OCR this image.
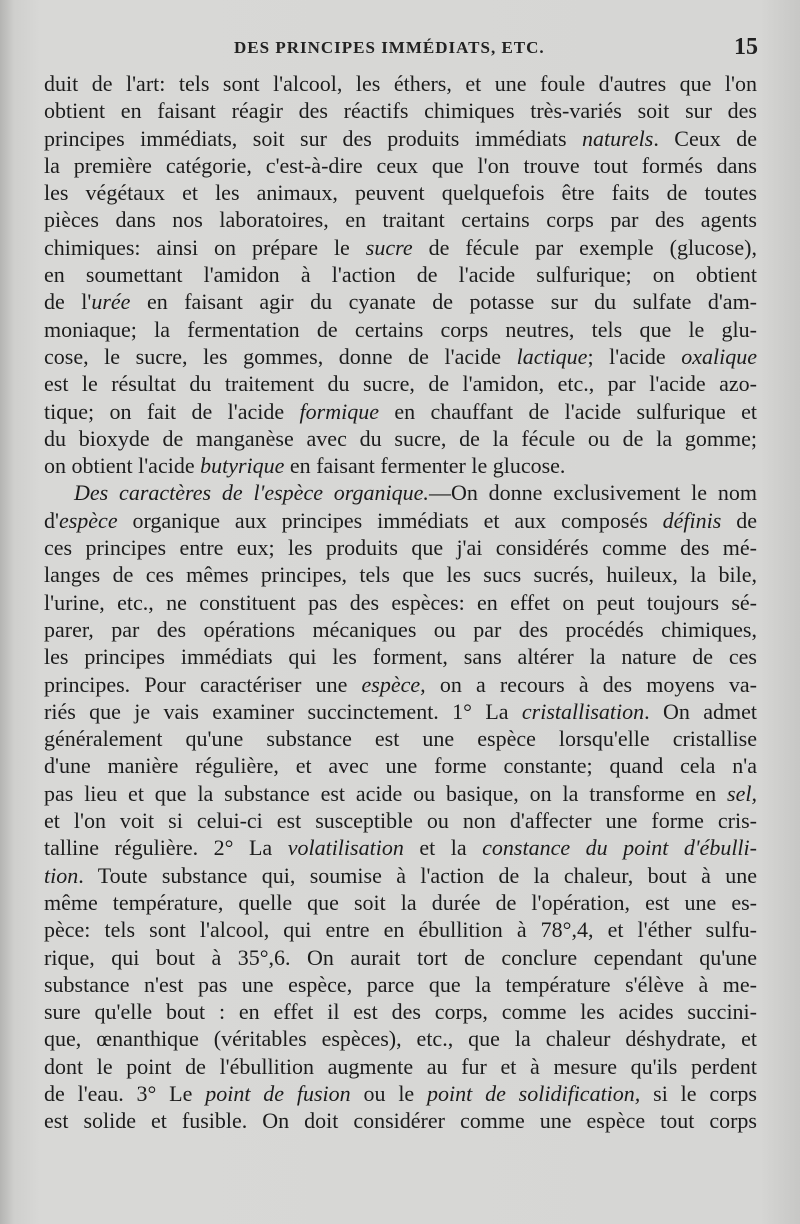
DES PRINCIPES IMMÉDIATS, ETC.	15
duit de l'art: tels sont l'alcool, les éthers, et une foule d'autres que l'on
obtient en faisant réagir des réactifs chimiques très-variés soit sur des
principes immédiats, soit sur des produits immédiats naturels. Ceux de
la première catégorie, c'est-à-dire ceux que l'on trouve tout formés dans
les végétaux et les animaux, peuvent quelquefois être faits de toutes
pièces dans nos laboratoires, en traitant certains corps par des agents
chimiques: ainsi on prépare le sucre de fécule par exemple (glucose),
en soumettant l'amidon à l'action de l'acide sulfurique; on obtient
de l'urée en faisant agir du cyanate de potasse sur du sulfate d'am-
moniaque; la fermentation de certains corps neutres, tels que le glu-
cose, le sucre, les gommes, donne de l'acide lactique; l'acide oxalique
est le résultat du traitement du sucre, de l'amidon, etc., par l'acide azo-
tique; on fait de l'acide formique en chauffant de l'acide sulfurique et
du bioxyde de manganèse avec du sucre, de la fécule ou de la gomme;
on obtient l'acide butyrique en faisant fermenter le glucose.
Des caractères de l'espèce organique.—On donne exclusivement le nom
d'espèce organique aux principes immédiats et aux composés définis de
ces principes entre eux; les produits que j'ai considérés comme des mé-
langes de ces mêmes principes, tels que les sucs sucrés, huileux, la bile,
l'urine, etc., ne constituent pas des espèces: en effet on peut toujours sé-
parer, par des opérations mécaniques ou par des procédés chimiques,
les principes immédiats qui les forment, sans altérer la nature de ces
principes. Pour caractériser une espèce, on a recours à des moyens va-
riés que je vais examiner succinctement. 1° La cristallisation. On admet
généralement qu'une substance est une espèce lorsqu'elle cristallise
d'une manière régulière, et avec une forme constante; quand cela n'a
pas lieu et que la substance est acide ou basique, on la transforme en sel,
et l'on voit si celui-ci est susceptible ou non d'affecter une forme cris-
talline régulière. 2° La volatilisation et la constance du point d'ébulli-
tion. Toute substance qui, soumise à l'action de la chaleur, bout à une
même température, quelle que soit la durée de l'opération, est une es-
pèce: tels sont l'alcool, qui entre en ébullition à 78°,4, et l'éther sulfu-
rique, qui bout à 35°,6. On aurait tort de conclure cependant qu'une
substance n'est pas une espèce, parce que la température s'élève à me-
sure qu'elle bout : en effet il est des corps, comme les acides succini-
que, œnanthique (véritables espèces), etc., que la chaleur déshydrate, et
dont le point de l'ébullition augmente au fur et à mesure qu'ils perdent
de l'eau. 3° Le point de fusion ou le point de solidification, si le corps
est solide et fusible. On doit considérer comme une espèce tout corps
